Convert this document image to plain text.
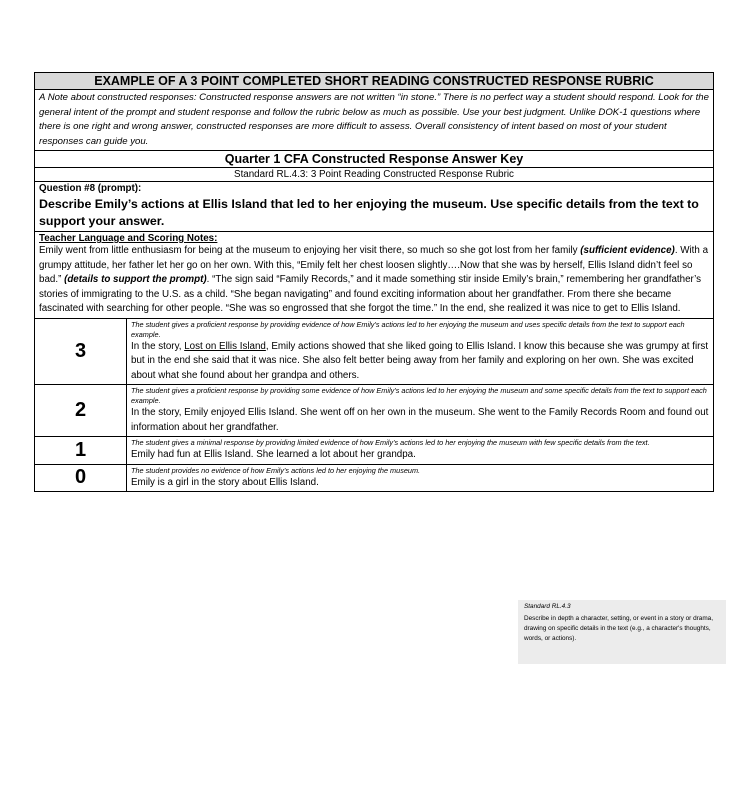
EXAMPLE OF A 3 POINT COMPLETED SHORT READING CONSTRUCTED RESPONSE RUBRIC	
A Note about constructed responses: Constructed response answers are not written “in stone.” There is no perfect way a student should respond. Look for the general intent of the prompt and student response and follow the rubric below as much as possible. Use your best judgment. Unlike DOK-1 questions where there is one right and wrong answer, constructed responses are more difficult to assess. Overall consistency of intent based on most of your student responses can guide you.	
Quarter 1 CFA Constructed Response Answer Key	
Standard RL.4.3: 3 Point Reading Constructed Response Rubric	

Question #8 (prompt):
Describe Emily’s actions at Ellis Island that led to her enjoying the museum. Use specific details from the text to support your answer.	

Teacher Language and Scoring Notes:
Emily went from little enthusiasm for being at the museum to enjoying her visit there, so much so she got lost from her family (sufficient evidence). With a grumpy attitude, her father let her go on her own. With this, “Emily felt her chest loosen slightly….Now that she was by herself, Ellis Island didn’t feel so bad.” (details to support the prompt). “The sign said “Family Records,” and it made something stir inside Emily’s brain,” remembering her grandfather’s stories of immigrating to the U.S. as a child. “She began navigating” and found exciting information about her grandfather. From there she became fascinated with searching for other people. “She was so engrossed that she forgot the time.” In the end, she realized it was nice to get to Ellis Island.	

3	The student gives a proficient response by providing evidence of how Emily’s actions led to her enjoying the museum and uses specific details from the text to support each example.
In the story, Lost on Ellis Island, Emily actions showed that she liked going to Ellis Island. I know this because she was grumpy at first but in the end she said that it was nice. She also felt better being away from her family and exploring on her own. She was excited about what she found about her grandpa and others.

2	The student gives a proficient response by providing some evidence of how Emily’s actions led to her enjoying the museum and some specific details from the text to support each example.
In the story, Emily enjoyed Ellis Island. She went off on her own in the museum. She went to the Family Records Room and found out information about her grandfather.

1	The student gives a minimal response by providing limited evidence of how Emily’s actions led to her enjoying the museum with few specific details from the text.
Emily had fun at Ellis Island. She learned a lot about her grandpa.

0	The student provides no evidence of how Emily’s actions led to her enjoying the museum.
Emily is a girl in the story about Ellis Island.
Standard RL.4.3
Describe in depth a character, setting, or event in a story or drama, drawing on specific details in the text (e.g., a character's thoughts, words, or actions).
